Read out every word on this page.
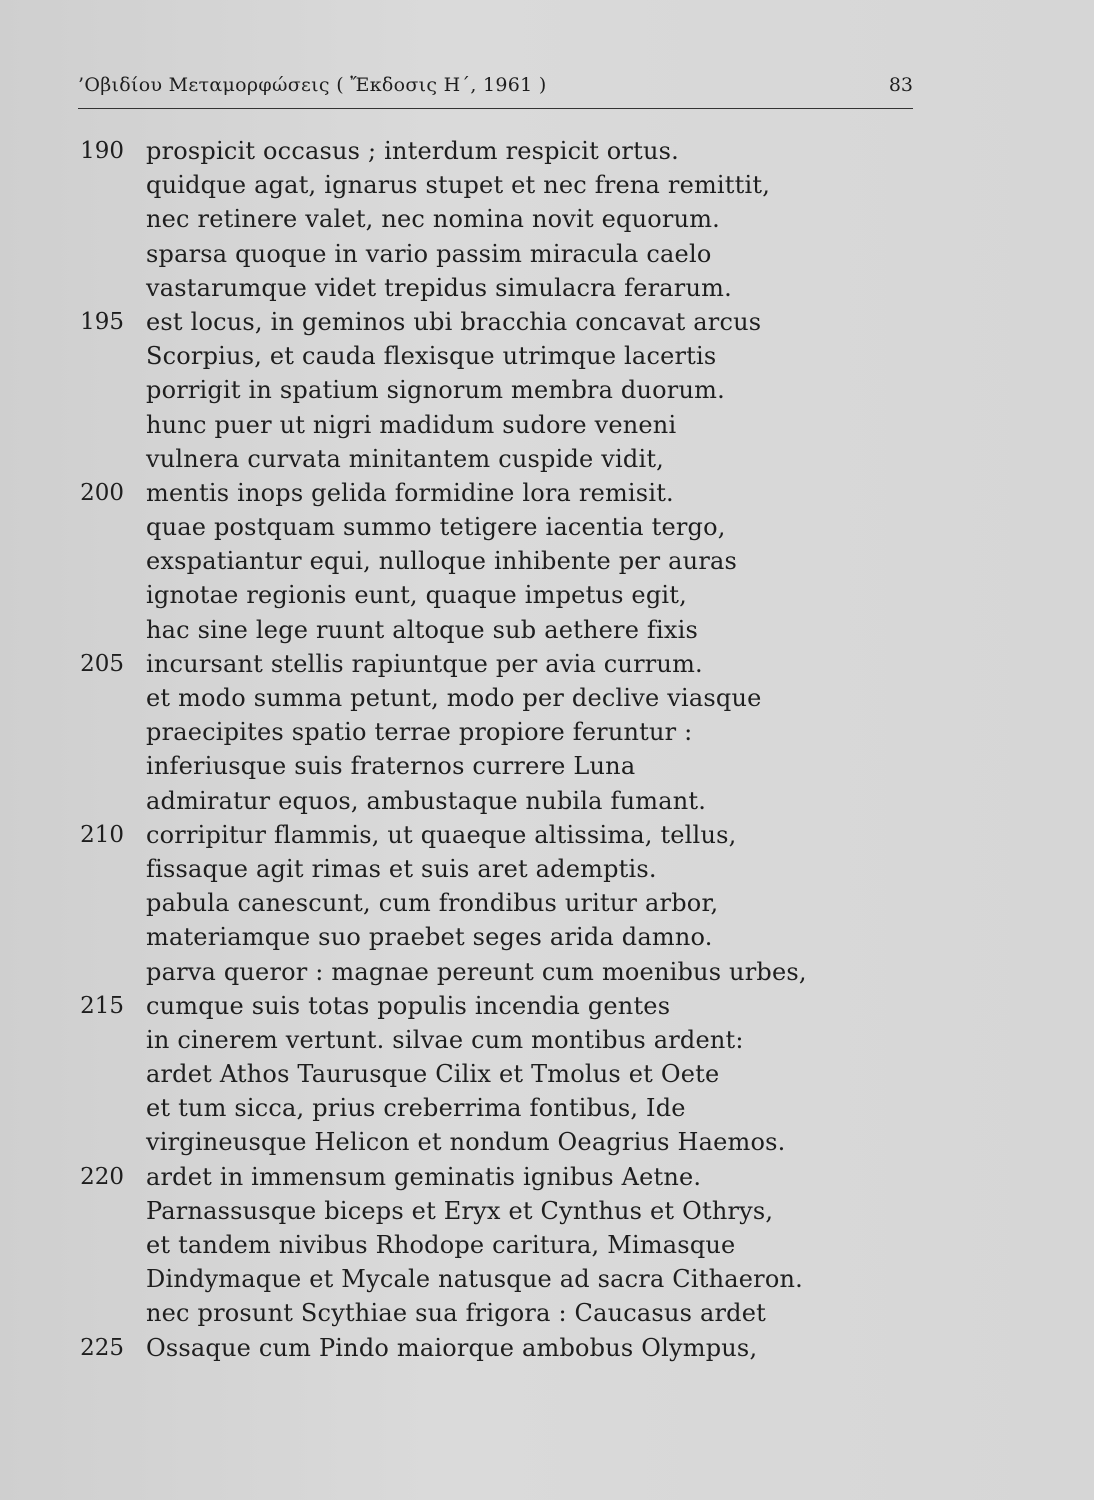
’Οβιδίου Μεταμορφώσεις ( Ἔκδοσις Η΄, 1961 )	83
190 prospicit occasus ; interdum respicit ortus.
quidque agat, ignarus stupet et nec frena remittit,
nec retinere valet, nec nomina novit equorum.
sparsa quoque in vario passim miracula caelo
vastarumque videt trepidus simulacra ferarum.
195 est locus, in geminos ubi bracchia concavat arcus
Scorpius, et cauda flexisque utrimque lacertis
porrigit in spatium signorum membra duorum.
hunc puer ut nigri madidum sudore veneni
vulnera curvata minitantem cuspide vidit,
200 mentis inops gelida formidine lora remisit.
quae postquam summo tetigere iacentia tergo,
exspatiantur equi, nulloque inhibente per auras
ignotae regionis eunt, quaque impetus egit,
hac sine lege ruunt altoque sub aethere fixis
205 incursant stellis rapiuntque per avia currum.
et modo summa petunt, modo per declive viasque
praecipites spatio terrae propiore feruntur :
inferiusque suis fraternos currere Luna
admiratur equos, ambustaque nubila fumant.
210 corripitur flammis, ut quaeque altissima, tellus,
fissaque agit rimas et suis aret ademptis.
pabula canescunt, cum frondibus uritur arbor,
materiamque suo praebet seges arida damno.
parva queror : magnae pereunt cum moenibus urbes,
215 cumque suis totas populis incendia gentes
in cinerem vertunt. silvae cum montibus ardent:
ardet Athos Taurusque Cilix et Tmolus et Oete
et tum sicca, prius creberrima fontibus, Ide
virgineusque Helicon et nondum Oeagrius Haemos.
220 ardet in immensum geminatis ignibus Aetne.
Parnassusque biceps et Eryx et Cynthus et Othrys,
et tandem nivibus Rhodope caritura, Mimasque
Dindymaque et Mycale natusque ad sacra Cithaeron.
nec prosunt Scythiae sua frigora : Caucasus ardet
225 Ossaque cum Pindo maiorque ambobus Olympus,
